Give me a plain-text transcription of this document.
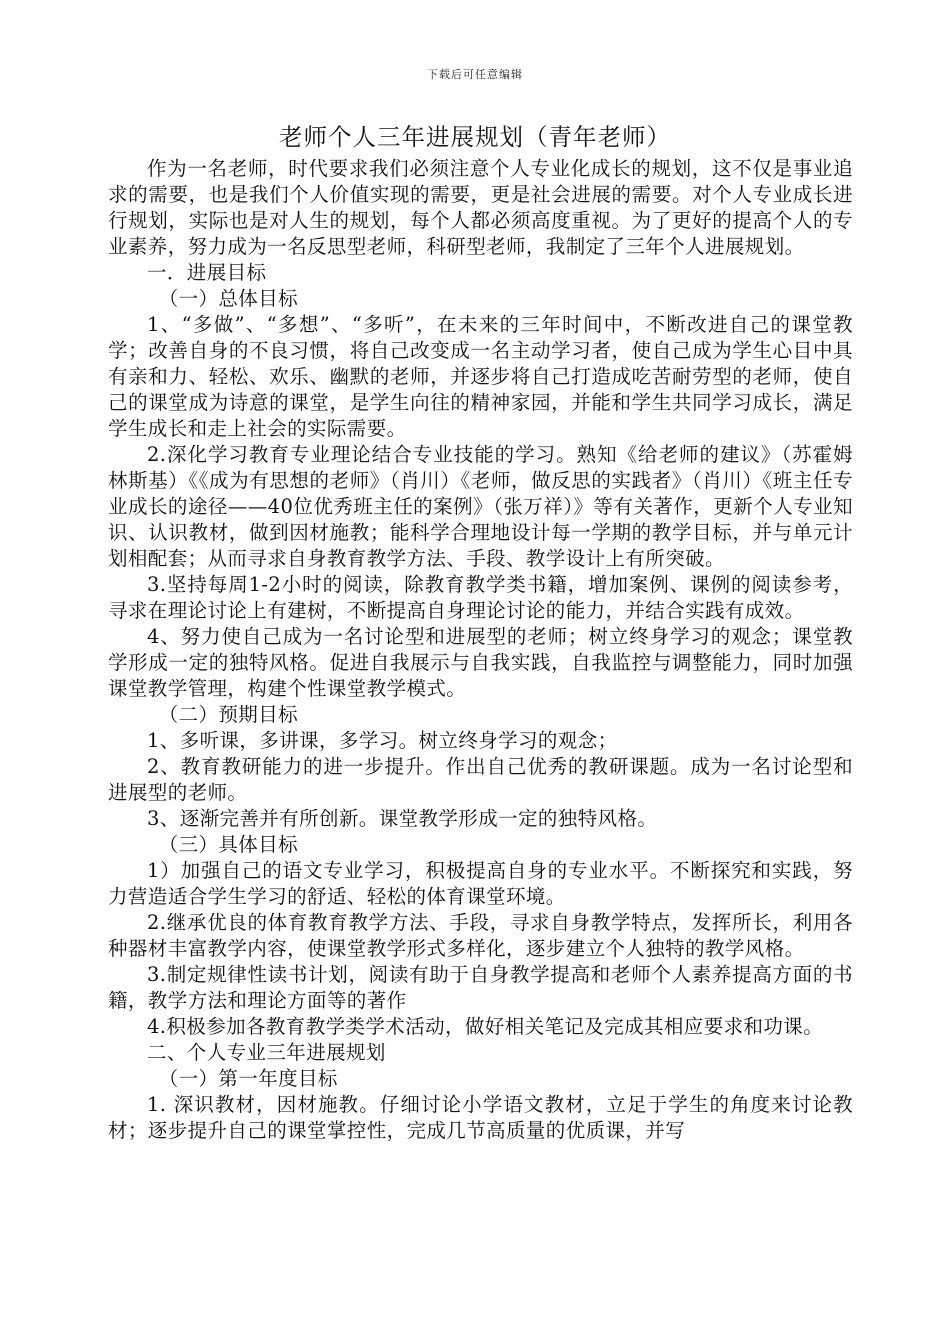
下载后可任意编辑
老师个人三年进展规划（青年老师）

作为一名老师，时代要求我们必须注意个人专业化成长的规划，这不仅是事业追求的需要，也是我们个人价值实现的需要，更是社会进展的需要。对个人专业成长进行规划，实际也是对人生的规划，每个人都必须高度重视。为了更好的提高个人的专业素养，努力成为一名反思型老师，科研型老师，我制定了三年个人进展规划。

一．进展目标

（一）总体目标

1、“多做”、“多想”、“多听”，在未来的三年时间中，不断改进自己的课堂教学；改善自身的不良习惯，将自己改变成一名主动学习者，使自己成为学生心目中具有亲和力、轻松、欢乐、幽默的老师，并逐步将自己打造成吃苦耐劳型的老师，使自己的课堂成为诗意的课堂，是学生向往的精神家园，并能和学生共同学习成长，满足学生成长和走上社会的实际需要。

2.深化学习教育专业理论结合专业技能的学习。熟知《给老师的建议》（苏霍姆林斯基）《《成为有思想的老师》（肖川）《老师，做反思的实践者》（肖川）《班主任专业成长的途径——40位优秀班主任的案例》（张万祥）》等有关著作，更新个人专业知识、认识教材，做到因材施教；能科学合理地设计每一学期的教学目标，并与单元计划相配套；从而寻求自身教育教学方法、手段、教学设计上有所突破。

3.坚持每周1-2小时的阅读，除教育教学类书籍，增加案例、课例的阅读参考，寻求在理论讨论上有建树，不断提高自身理论讨论的能力，并结合实践有成效。

4、努力使自己成为一名讨论型和进展型的老师；树立终身学习的观念；课堂教学形成一定的独特风格。促进自我展示与自我实践，自我监控与调整能力，同时加强课堂教学管理，构建个性课堂教学模式。

（二）预期目标

1、多听课，多讲课，多学习。树立终身学习的观念；

2、教育教研能力的进一步提升。作出自己优秀的教研课题。成为一名讨论型和进展型的老师。

3、逐渐完善并有所创新。课堂教学形成一定的独特风格。

（三）具体目标

1）加强自己的语文专业学习，积极提高自身的专业水平。不断探究和实践，努力营造适合学生学习的舒适、轻松的体育课堂环境。

2.继承优良的体育教育教学方法、手段，寻求自身教学特点，发挥所长，利用各种器材丰富教学内容，使课堂教学形式多样化，逐步建立个人独特的教学风格。

3.制定规律性读书计划，阅读有助于自身教学提高和老师个人素养提高方面的书籍，教学方法和理论方面等的著作

4.积极参加各教育教学类学术活动，做好相关笔记及完成其相应要求和功课。

二、个人专业三年进展规划

（一）第一年度目标

1. 深识教材，因材施教。仔细讨论小学语文教材，立足于学生的角度来讨论教材；逐步提升自己的课堂掌控性，完成几节高质量的优质课，并写
